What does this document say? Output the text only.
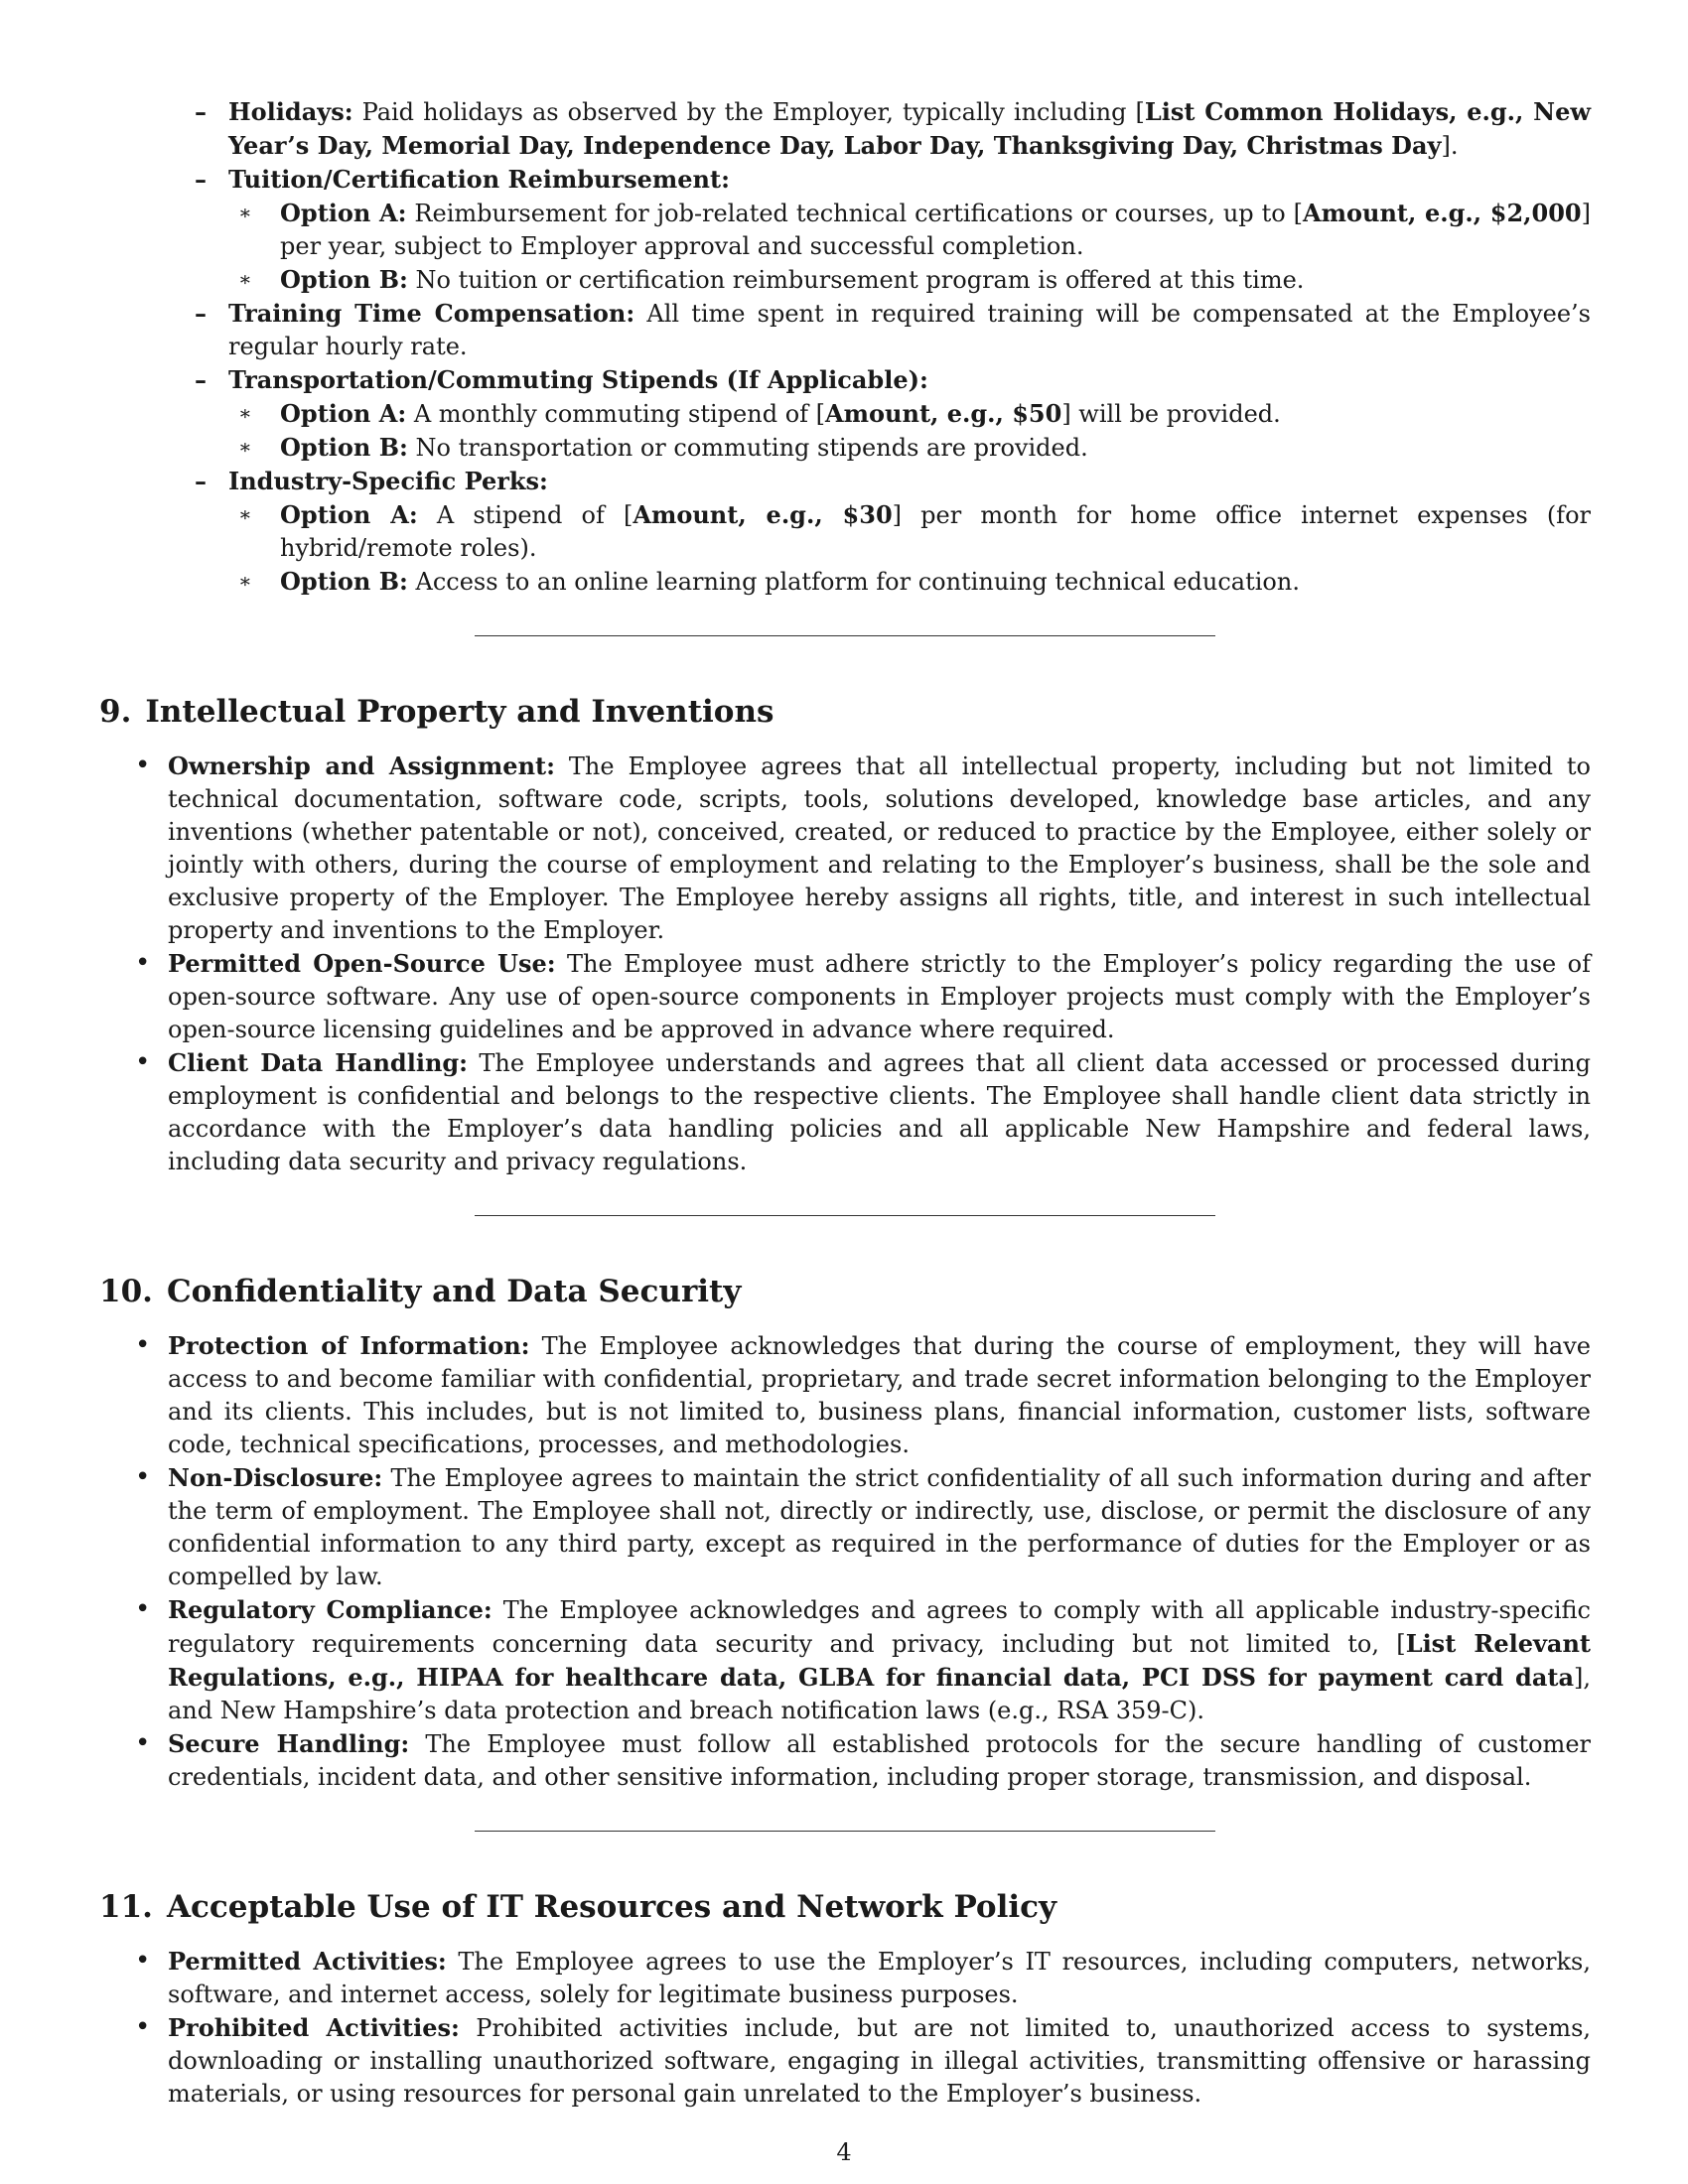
– Holidays: Paid holidays as observed by the Employer, typically including [List Common Holidays, e.g., New Year’s Day, Memorial Day, Independence Day, Labor Day, Thanksgiving Day, Christmas Day].
– Tuition/Certification Reimbursement:
∗ Option A: Reimbursement for job-related technical certifications or courses, up to [Amount, e.g., $2,000] per year, subject to Employer approval and successful completion.
∗ Option B: No tuition or certification reimbursement program is offered at this time.
– Training Time Compensation: All time spent in required training will be compensated at the Employee’s regular hourly rate.
– Transportation/Commuting Stipends (If Applicable):
∗ Option A: A monthly commuting stipend of [Amount, e.g., $50] will be provided.
∗ Option B: No transportation or commuting stipends are provided.
– Industry-Specific Perks:
∗ Option A: A stipend of [Amount, e.g., $30] per month for home office internet expenses (for hybrid/remote roles).
∗ Option B: Access to an online learning platform for continuing technical education.
9. Intellectual Property and Inventions
• Ownership and Assignment: The Employee agrees that all intellectual property, including but not limited to technical documentation, software code, scripts, tools, solutions developed, knowledge base articles, and any inventions (whether patentable or not), conceived, created, or reduced to practice by the Employee, either solely or jointly with others, during the course of employment and relating to the Employer’s business, shall be the sole and exclusive property of the Employer. The Employee hereby assigns all rights, title, and interest in such intellectual property and inventions to the Employer.
• Permitted Open-Source Use: The Employee must adhere strictly to the Employer’s policy regarding the use of open-source software. Any use of open-source components in Employer projects must comply with the Employer’s open-source licensing guidelines and be approved in advance where required.
• Client Data Handling: The Employee understands and agrees that all client data accessed or processed during employment is confidential and belongs to the respective clients. The Employee shall handle client data strictly in accordance with the Employer’s data handling policies and all applicable New Hampshire and federal laws, including data security and privacy regulations.
10. Confidentiality and Data Security
• Protection of Information: The Employee acknowledges that during the course of employment, they will have access to and become familiar with confidential, proprietary, and trade secret information belonging to the Employer and its clients. This includes, but is not limited to, business plans, financial information, customer lists, software code, technical specifications, processes, and methodologies.
• Non-Disclosure: The Employee agrees to maintain the strict confidentiality of all such information during and after the term of employment. The Employee shall not, directly or indirectly, use, disclose, or permit the disclosure of any confidential information to any third party, except as required in the performance of duties for the Employer or as compelled by law.
• Regulatory Compliance: The Employee acknowledges and agrees to comply with all applicable industry-specific regulatory requirements concerning data security and privacy, including but not limited to, [List Relevant Regulations, e.g., HIPAA for healthcare data, GLBA for financial data, PCI DSS for payment card data], and New Hampshire’s data protection and breach notification laws (e.g., RSA 359-C).
• Secure Handling: The Employee must follow all established protocols for the secure handling of customer credentials, incident data, and other sensitive information, including proper storage, transmission, and disposal.
11. Acceptable Use of IT Resources and Network Policy
• Permitted Activities: The Employee agrees to use the Employer’s IT resources, including computers, networks, software, and internet access, solely for legitimate business purposes.
• Prohibited Activities: Prohibited activities include, but are not limited to, unauthorized access to systems, downloading or installing unauthorized software, engaging in illegal activities, transmitting offensive or harassing materials, or using resources for personal gain unrelated to the Employer’s business.
4
